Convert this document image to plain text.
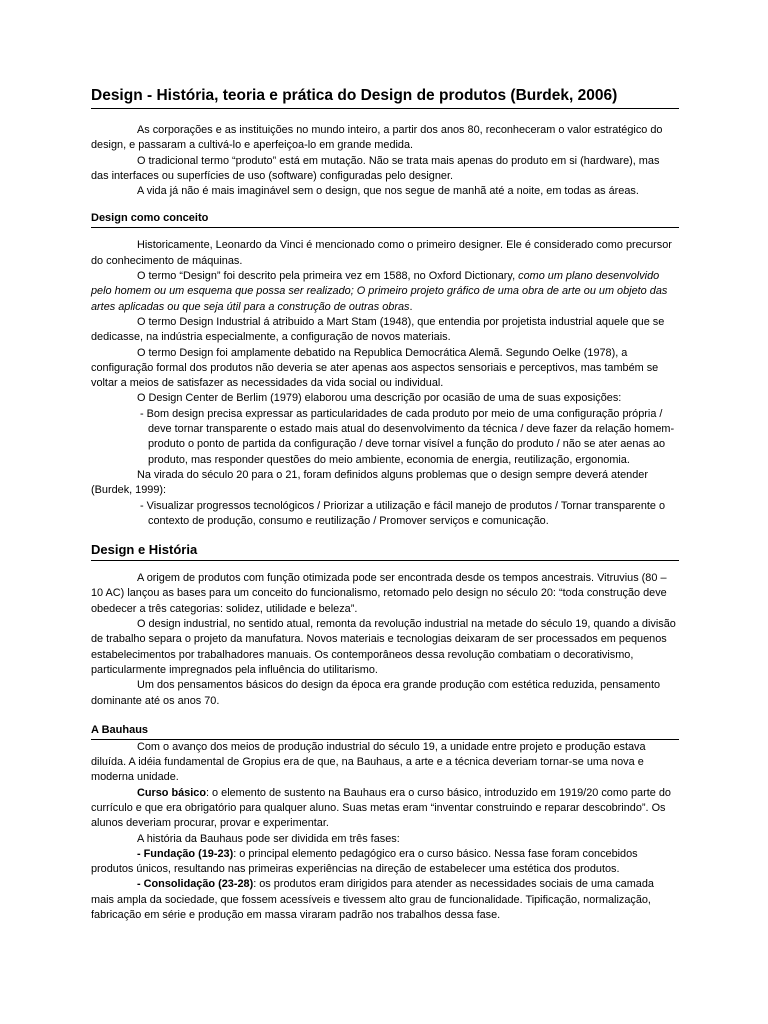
Design - História, teoria e prática do Design de produtos (Burdek, 2006)

As corporações e as instituições no mundo inteiro, a partir dos anos 80, reconheceram o valor estratégico do design, e passaram a cultivá-lo e aperfeiçoa-lo em grande medida.

O tradicional termo “produto” está em mutação. Não se trata mais apenas do produto em si (hardware), mas das interfaces ou superfícies de uso (software) configuradas pelo designer.

A vida já não é mais imaginável sem o design, que nos segue de manhã até a noite, em todas as áreas.

Design como conceito

Historicamente, Leonardo da Vinci é mencionado como o primeiro designer. Ele é considerado como precursor do conhecimento de máquinas.

O termo “Design” foi descrito pela primeira vez em 1588, no Oxford Dictionary, como um plano desenvolvido pelo homem ou um esquema que possa ser realizado; O primeiro projeto gráfico de uma obra de arte ou um objeto das artes aplicadas ou que seja útil para a construção de outras obras.

O termo Design Industrial á atribuido a Mart Stam (1948), que entendia por projetista industrial aquele que se dedicasse, na indústria especialmente, a configuração de novos materiais.

O termo Design foi amplamente debatido na Republica Democrática Alemã. Segundo Oelke (1978), a configuração formal dos produtos não deveria se ater apenas aos aspectos sensoriais e perceptivos, mas também se voltar a meios de satisfazer as necessidades da vida social ou individual.

O Design Center de Berlim (1979) elaborou uma descrição por ocasião de uma de suas exposições:

- Bom design precisa expressar as particularidades de cada produto por meio de uma configuração própria / deve tornar transparente o estado mais atual do desenvolvimento da técnica / deve fazer da relação homem-produto o ponto de partida da configuração / deve tornar visível a função do produto / não se ater aenas ao produto, mas responder questões do meio ambiente, economia de energia, reutilização, ergonomia.

Na virada do século 20 para o 21, foram definidos alguns problemas que o design sempre deverá atender (Burdek, 1999):

- Visualizar progressos tecnológicos / Priorizar a utilização e fácil manejo de produtos / Tornar transparente o contexto de produção, consumo e reutilização / Promover serviços e comunicação.

Design e História

A origem de produtos com função otimizada pode ser encontrada desde os tempos ancestrais. Vitruvius (80 – 10 AC) lançou as bases para um conceito do funcionalismo, retomado pelo design no século 20: “toda construção deve obedecer a três categorias: solidez, utilidade e beleza”.

O design industrial, no sentido atual, remonta da revolução industrial na metade do século 19, quando a divisão de trabalho separa o projeto da manufatura. Novos materiais e tecnologias deixaram de ser processados em pequenos estabelecimentos por trabalhadores manuais. Os contemporâneos dessa revolução combatiam o decorativismo, particularmente impregnados pela influência do utilitarismo.

Um dos pensamentos básicos do design da época era grande produção com estética reduzida, pensamento dominante até os anos 70.

A Bauhaus

Com o avanço dos meios de produção industrial do século 19, a unidade entre projeto e produção estava diluída. A idéia fundamental de Gropius era de que, na Bauhaus, a arte e a técnica deveriam tornar-se uma nova e moderna unidade.

Curso básico: o elemento de sustento na Bauhaus era o curso básico, introduzido em 1919/20 como parte do currículo e que era obrigatório para qualquer aluno. Suas metas eram “inventar construindo e reparar descobrindo”. Os alunos deveriam procurar, provar e experimentar.

A história da Bauhaus pode ser dividida em três fases:

- Fundação (19-23): o principal elemento pedagógico era o curso básico. Nessa fase foram concebidos produtos únicos, resultando nas primeiras experiências na direção de estabelecer uma estética dos produtos.

- Consolidação (23-28): os produtos eram dirigidos para atender as necessidades sociais de uma camada mais ampla da sociedade, que fossem acessíveis e tivessem alto grau de funcionalidade. Tipificação, normalização, fabricação em série e produção em massa viraram padrão nos trabalhos dessa fase.
